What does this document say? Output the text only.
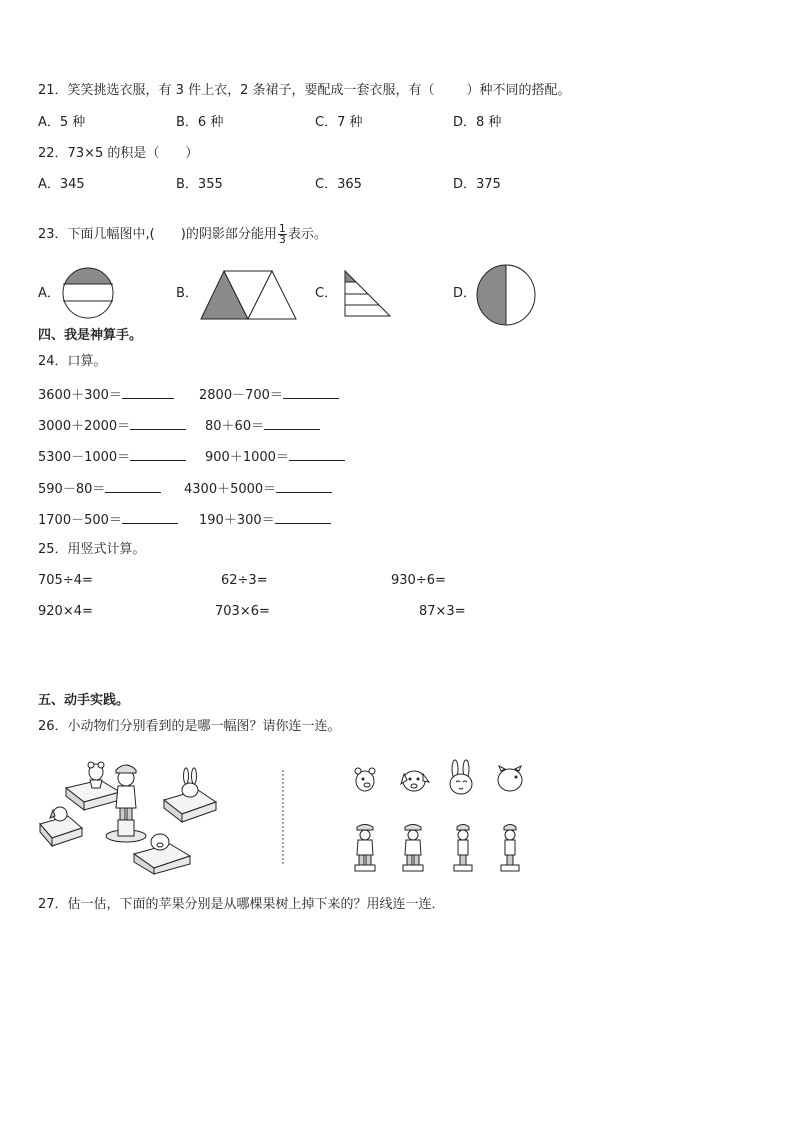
21．笑笑挑选衣服，有 3 件上衣，2 条裙子，要配成一套衣服，有（ ）种不同的搭配。
A．5 种	B．6 种	C．7 种	D．8 种
22．73×5 的积是（　　）
A．345	B．355	C．365	D．375
23．下面几幅图中,(　　)的阴影部分能用 $\frac{1}{3}$ 表示。
A．	B．	C．	D．
四、我是神算手。
24．口算。
3600＋300＝	2800－700＝
3000＋2000＝	80＋60＝
5300－1000＝	900＋1000＝
590－80＝	4300＋5000＝
1700－500＝	190＋300＝
25．用竖式计算。
705÷4=	62÷3=	930÷6=
920×4=	703×6=	87×3=
五、动手实践。
26．小动物们分别看到的是哪一幅图？请你连一连。
27．估一估，下面的苹果分别是从哪棵果树上掉下来的？用线连一连．
